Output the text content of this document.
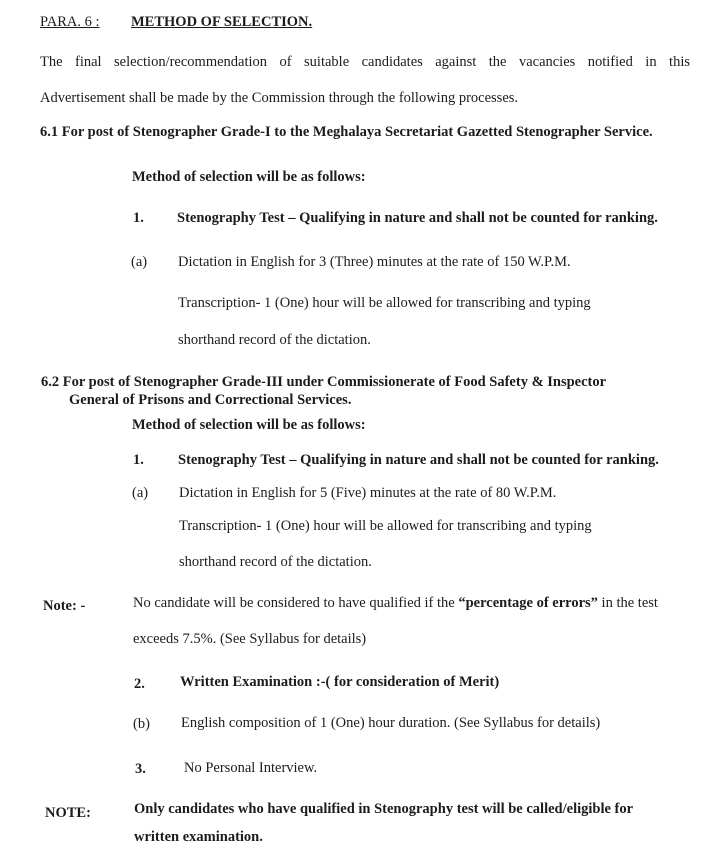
PARA. 6 : METHOD OF SELECTION.
The final selection/recommendation of suitable candidates against the vacancies notified in this
Advertisement shall be made by the Commission through the following processes.
6.1 For post of Stenographer Grade-I to the Meghalaya Secretariat Gazetted Stenographer Service.
Method of selection will be as follows:
1. Stenography Test – Qualifying in nature and shall not be counted for ranking.
(a) Dictation in English for 3 (Three) minutes at the rate of 150 W.P.M.
Transcription- 1 (One) hour will be allowed for transcribing and typing
shorthand record of the dictation.
6.2 For post of Stenographer Grade-III under Commissionerate of Food Safety & Inspector
General of Prisons and Correctional Services.
Method of selection will be as follows:
1. Stenography Test – Qualifying in nature and shall not be counted for ranking.
(a) Dictation in English for 5 (Five) minutes at the rate of 80 W.P.M.
Transcription- 1 (One) hour will be allowed for transcribing and typing
shorthand record of the dictation.
Note: -	No candidate will be considered to have qualified if the “percentage of errors” in the test
exceeds 7.5%. (See Syllabus for details)
2. Written Examination :-( for consideration of Merit)
(b) English composition of 1 (One) hour duration. (See Syllabus for details)
3.	No Personal Interview.
NOTE:	Only candidates who have qualified in Stenography test will be called/eligible for
written examination.
